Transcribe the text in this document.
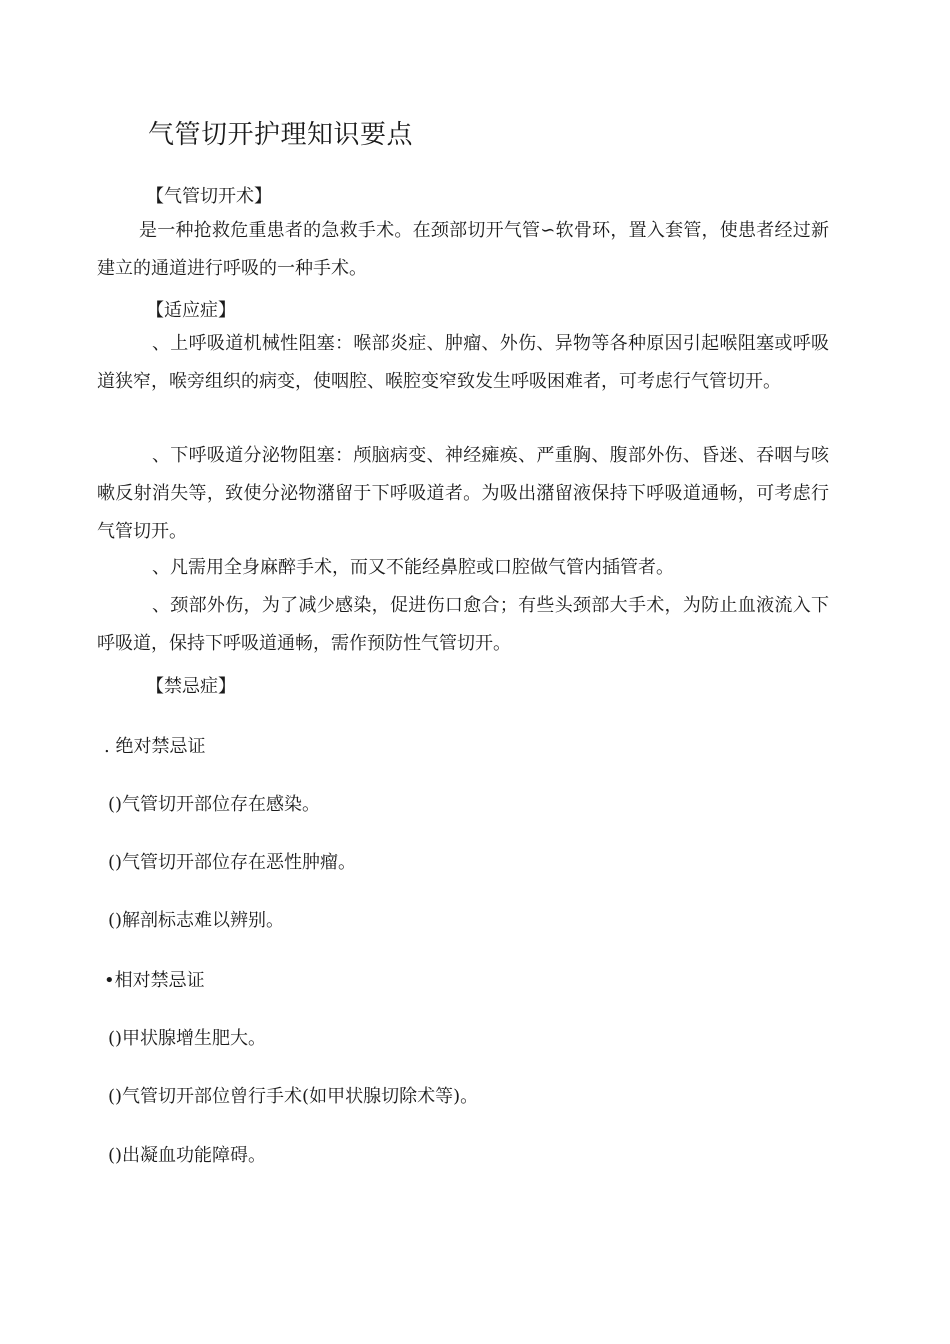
气管切开护理知识要点

【气管切开术】

是一种抢救危重患者的急救手术。在颈部切开气管∽软骨环，置入套管，使患者经过新建立的通道进行呼吸的一种手术。

【适应症】

、上呼吸道机械性阻塞：喉部炎症、肿瘤、外伤、异物等各种原因引起喉阻塞或呼吸道狭窄，喉旁组织的病变，使咽腔、喉腔变窄致发生呼吸困难者，可考虑行气管切开。

、下呼吸道分泌物阻塞：颅脑病变、神经瘫痪、严重胸、腹部外伤、昏迷、吞咽与咳嗽反射消失等，致使分泌物潴留于下呼吸道者。为吸出潴留液保持下呼吸道通畅，可考虑行气管切开。

、凡需用全身麻醉手术，而又不能经鼻腔或口腔做气管内插管者。

、颈部外伤，为了减少感染，促进伤口愈合；有些头颈部大手术，为防止血液流入下呼吸道，保持下呼吸道通畅，需作预防性气管切开。

【禁忌症】

. 绝对禁忌证

()气管切开部位存在感染。

()气管切开部位存在恶性肿瘤。

()解剖标志难以辨别。

•相对禁忌证

()甲状腺增生肥大。

()气管切开部位曾行手术(如甲状腺切除术等)。

()出凝血功能障碍。
